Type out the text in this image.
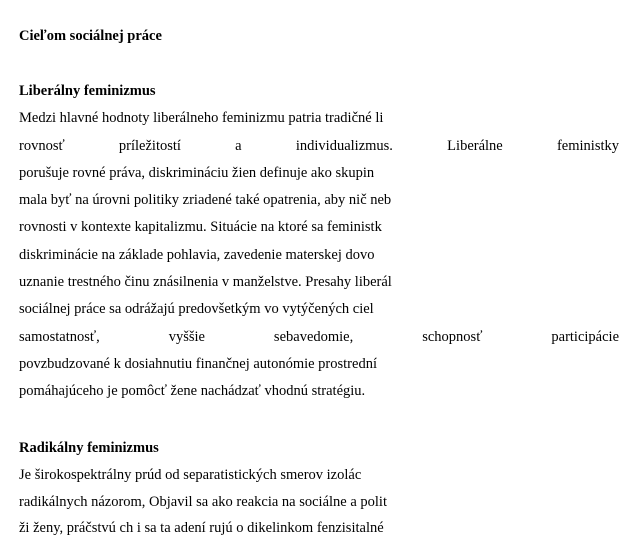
Cieľom sociálnej práce
Liberálny feminizmus
Medzi hlavné hodnoty liberálneho feminizmu patria tradičné li
rovnosť príležitostí a individualizmus. Liberálne feministky
porušuje rovné práva, diskrimináciu žien definuje ako skupin
mala byť na úrovni politiky zriadené také opatrenia, aby nič neb
rovnosti v kontexte kapitalizmu. Situácie na ktoré sa feministk
diskriminácie na základe pohlavia, zavedenie materskej dovo
uznanie trestného činu znásilnenia v manželstve. Presahy liberál
sociálnej práce sa odrážajú predovšetkým vo vytýčených ciel
samostatnosť, vyššie sebavedomie, schopnosť participácie
povzbudzované k dosiahnutiu finančnej autonómie prostrední
pomáhajúceho je pomôcť žene nachádzať vhodnú stratégiu.
Radikálny feminizmus
Je širokospektrálny prúd od separatistických smerov izolác
radikálnych názorom, Objavil sa ako reakcia na sociálne a polit
ži ženy, práčstvú ch i sa ta adení rujú o dikelinkom fenzisitalné
